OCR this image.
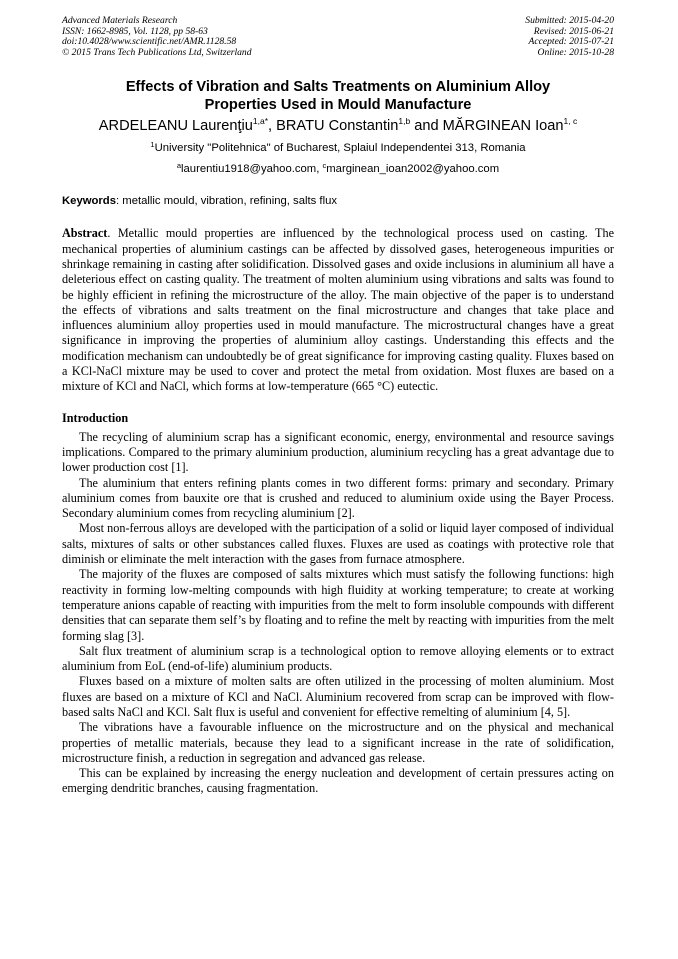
Advanced Materials Research
ISSN: 1662-8985, Vol. 1128, pp 58-63
doi:10.4028/www.scientific.net/AMR.1128.58
© 2015 Trans Tech Publications Ltd, Switzerland
Submitted: 2015-04-20
Revised: 2015-06-21
Accepted: 2015-07-21
Online: 2015-10-28
Effects of Vibration and Salts Treatments on Aluminium Alloy
Properties Used in Mould Manufacture
ARDELEANU Laurenţiu$^{1,a*}$, BRATU Constantin$^{1,b}$ and MĂRGINEAN Ioan$^{1, c}$
$^1$University "Politehnica" of Bucharest, Splaiul Independentei 313, Romania
$^a$laurentiu1918@yahoo.com, $^c$marginean_ioan2002@yahoo.com
Keywords: metallic mould, vibration, refining, salts flux
Abstract. Metallic mould properties are influenced by the technological process used on casting. The mechanical properties of aluminium castings can be affected by dissolved gases, heterogeneous impurities or shrinkage remaining in casting after solidification. Dissolved gases and oxide inclusions in aluminium all have a deleterious effect on casting quality. The treatment of molten aluminium using vibrations and salts was found to be highly efficient in refining the microstructure of the alloy. The main objective of the paper is to understand the effects of vibrations and salts treatment on the final microstructure and changes that take place and influences aluminium alloy properties used in mould manufacture. The microstructural changes have a great significance in improving the properties of aluminium alloy castings. Understanding this effects and the modification mechanism can undoubtedly be of great significance for improving casting quality. Fluxes based on a KCl-NaCl mixture may be used to cover and protect the metal from oxidation. Most fluxes are based on a mixture of KCl and NaCl, which forms at low-temperature (665 °C) eutectic.
Introduction

The recycling of aluminium scrap has a significant economic, energy, environmental and resource savings implications. Compared to the primary aluminium production, aluminium recycling has a great advantage due to lower production cost [1].

The aluminium that enters refining plants comes in two different forms: primary and secondary. Primary aluminium comes from bauxite ore that is crushed and reduced to aluminium oxide using the Bayer Process. Secondary aluminium comes from recycling aluminium [2].

Most non-ferrous alloys are developed with the participation of a solid or liquid layer composed of individual salts, mixtures of salts or other substances called fluxes. Fluxes are used as coatings with protective role that diminish or eliminate the melt interaction with the gases from furnace atmosphere.

The majority of the fluxes are composed of salts mixtures which must satisfy the following functions: high reactivity in forming low-melting compounds with high fluidity at working temperature; to create at working temperature anions capable of reacting with impurities from the melt to form insoluble compounds with different densities that can separate them self’s by floating and to refine the melt by reacting with impurities from the melt forming slag [3].

Salt flux treatment of aluminium scrap is a technological option to remove alloying elements or to extract aluminium from EoL (end-of-life) aluminium products.

Fluxes based on a mixture of molten salts are often utilized in the processing of molten aluminium. Most fluxes are based on a mixture of KCl and NaCl. Aluminium recovered from scrap can be improved with flow-based salts NaCl and KCl. Salt flux is useful and convenient for effective remelting of aluminium [4, 5].

The vibrations have a favourable influence on the microstructure and on the physical and mechanical properties of metallic materials, because they lead to a significant increase in the rate of solidification, microstructure finish, a reduction in segregation and advanced gas release.

This can be explained by increasing the energy nucleation and development of certain pressures acting on emerging dendritic branches, causing fragmentation.
